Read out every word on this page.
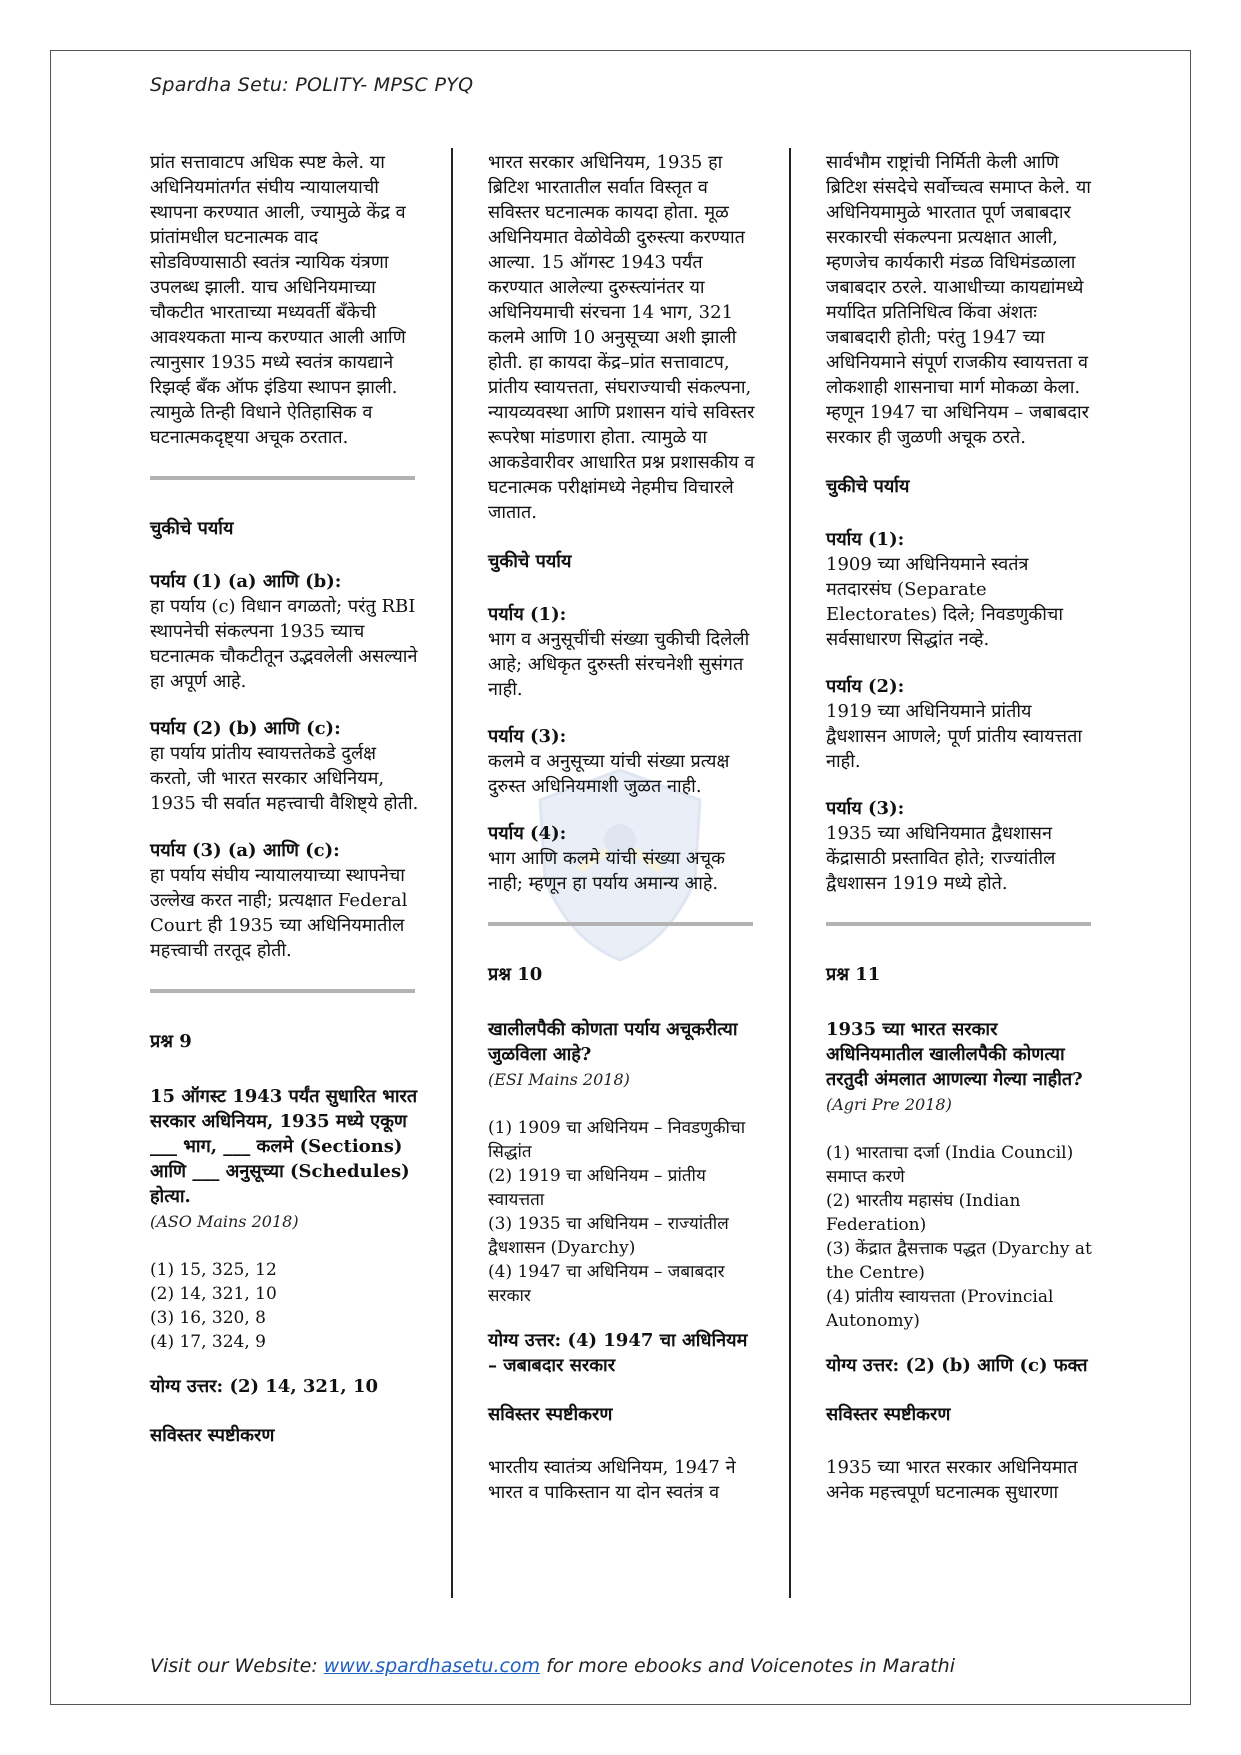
Spardha Setu: POLITY- MPSC PYQ

प्रांत सत्तावाटप अधिक स्पष्ट केले. या अधिनियमांतर्गत संघीय न्यायालयाची स्थापना करण्यात आली, ज्यामुळे केंद्र व प्रांतांमधील घटनात्मक वाद सोडविण्यासाठी स्वतंत्र न्यायिक यंत्रणा उपलब्ध झाली. याच अधिनियमाच्या चौकटीत भारताच्या मध्यवर्ती बँकेची आवश्यकता मान्य करण्यात आली आणि त्यानुसार 1935 मध्ये स्वतंत्र कायद्याने रिझर्व्ह बँक ऑफ इंडिया स्थापन झाली. त्यामुळे तिन्ही विधाने ऐतिहासिक व घटनात्मकदृष्ट्या अचूक ठरतात.

चुकीचे पर्याय

पर्याय (1) (a) आणि (b):

हा पर्याय (c) विधान वगळतो; परंतु RBI स्थापनेची संकल्पना 1935 च्याच घटनात्मक चौकटीतून उद्भवलेली असल्याने हा अपूर्ण आहे.

पर्याय (2) (b) आणि (c):

हा पर्याय प्रांतीय स्वायत्ततेकडे दुर्लक्ष करतो, जी भारत सरकार अधिनियम, 1935 ची सर्वात महत्त्वाची वैशिष्ट्ये होती.

पर्याय (3) (a) आणि (c):

हा पर्याय संघीय न्यायालयाच्या स्थापनेचा उल्लेख करत नाही; प्रत्यक्षात Federal Court ही 1935 च्या अधिनियमातील महत्त्वाची तरतूद होती.

प्रश्न 9

15 ऑगस्ट 1943 पर्यंत सुधारित भारत सरकार अधिनियम, 1935 मध्ये एकूण ___ भाग, ___ कलमे (Sections) आणि ___ अनुसूच्या (Schedules) होत्या.

(ASO Mains 2018)

(1) 15, 325, 12

(2) 14, 321, 10

(3) 16, 320, 8

(4) 17, 324, 9

योग्य उत्तर: (2) 14, 321, 10

सविस्तर स्पष्टीकरण

भारत सरकार अधिनियम, 1935 हा ब्रिटिश भारतातील सर्वात विस्तृत व सविस्तर घटनात्मक कायदा होता. मूळ अधिनियमात वेळोवेळी दुरुस्त्या करण्यात आल्या. 15 ऑगस्ट 1943 पर्यंत करण्यात आलेल्या दुरुस्त्यांनंतर या अधिनियमाची संरचना 14 भाग, 321 कलमे आणि 10 अनुसूच्या अशी झाली होती. हा कायदा केंद्र–प्रांत सत्तावाटप, प्रांतीय स्वायत्तता, संघराज्याची संकल्पना, न्यायव्यवस्था आणि प्रशासन यांचे सविस्तर रूपरेषा मांडणारा होता. त्यामुळे या आकडेवारीवर आधारित प्रश्न प्रशासकीय व घटनात्मक परीक्षांमध्ये नेहमीच विचारले जातात.

चुकीचे पर्याय

पर्याय (1):

भाग व अनुसूचींची संख्या चुकीची दिलेली आहे; अधिकृत दुरुस्ती संरचनेशी सुसंगत नाही.

पर्याय (3):

कलमे व अनुसूच्या यांची संख्या प्रत्यक्ष दुरुस्त अधिनियमाशी जुळत नाही.

पर्याय (4):

भाग आणि कलमे यांची संख्या अचूक नाही; म्हणून हा पर्याय अमान्य आहे.

प्रश्न 10

खालीलपैकी कोणता पर्याय अचूकरीत्या जुळविला आहे?

(ESI Mains 2018)

(1) 1909 चा अधिनियम – निवडणुकीचा सिद्धांत

(2) 1919 चा अधिनियम – प्रांतीय स्वायत्तता

(3) 1935 चा अधिनियम – राज्यांतील द्वैधशासन (Dyarchy)

(4) 1947 चा अधिनियम – जबाबदार सरकार

योग्य उत्तर: (4) 1947 चा अधिनियम – जबाबदार सरकार

सविस्तर स्पष्टीकरण

भारतीय स्वातंत्र्य अधिनियम, 1947 ने भारत व पाकिस्तान या दोन स्वतंत्र व

सार्वभौम राष्ट्रांची निर्मिती केली आणि ब्रिटिश संसदेचे सर्वोच्चत्व समाप्त केले. या अधिनियमामुळे भारतात पूर्ण जबाबदार सरकारची संकल्पना प्रत्यक्षात आली, म्हणजेच कार्यकारी मंडळ विधिमंडळाला जबाबदार ठरले. याआधीच्या कायद्यांमध्ये मर्यादित प्रतिनिधित्व किंवा अंशतः जबाबदारी होती; परंतु 1947 च्या अधिनियमाने संपूर्ण राजकीय स्वायत्तता व लोकशाही शासनाचा मार्ग मोकळा केला. म्हणून 1947 चा अधिनियम – जबाबदार सरकार ही जुळणी अचूक ठरते.

चुकीचे पर्याय

पर्याय (1):

1909 च्या अधिनियमाने स्वतंत्र मतदारसंघ (Separate Electorates) दिले; निवडणुकीचा सर्वसाधारण सिद्धांत नव्हे.

पर्याय (2):

1919 च्या अधिनियमाने प्रांतीय द्वैधशासन आणले; पूर्ण प्रांतीय स्वायत्तता नाही.

पर्याय (3):

1935 च्या अधिनियमात द्वैधशासन केंद्रासाठी प्रस्तावित होते; राज्यांतील द्वैधशासन 1919 मध्ये होते.

प्रश्न 11

1935 च्या भारत सरकार अधिनियमातील खालीलपैकी कोणत्या तरतुदी अंमलात आणल्या गेल्या नाहीत?

(Agri Pre 2018)

(1) भारताचा दर्जा (India Council) समाप्त करणे

(2) भारतीय महासंघ (Indian Federation)

(3) केंद्रात द्वैसत्ताक पद्धत (Dyarchy at the Centre)

(4) प्रांतीय स्वायत्तता (Provincial Autonomy)

योग्य उत्तर: (2) (b) आणि (c) फक्त

सविस्तर स्पष्टीकरण

1935 च्या भारत सरकार अधिनियमात अनेक महत्त्वपूर्ण घटनात्मक सुधारणा

Visit our Website: www.spardhasetu.com for more ebooks and Voicenotes in Marathi
